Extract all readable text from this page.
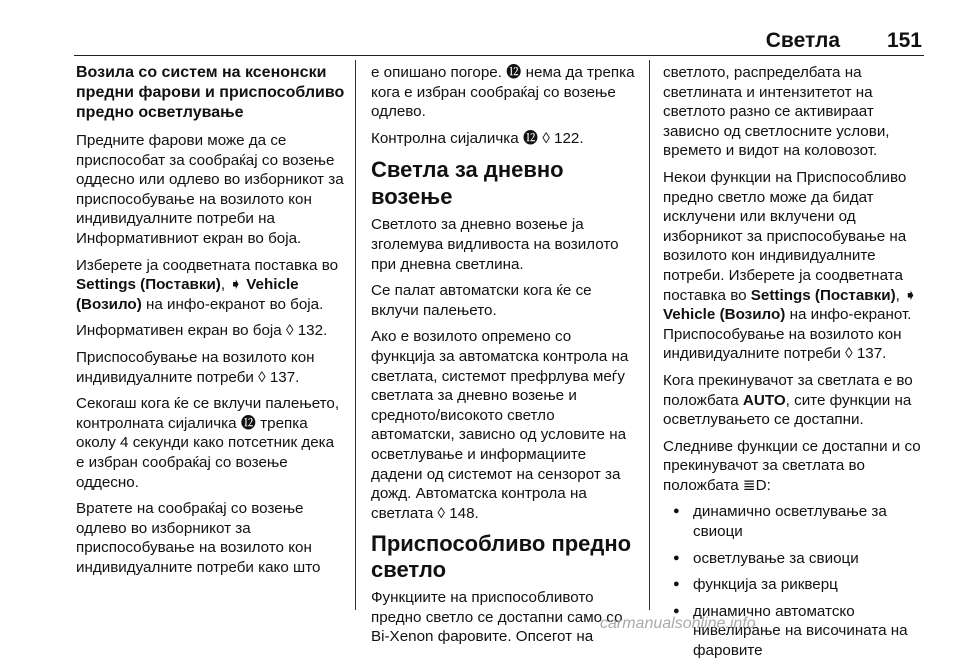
Светла 151
Возила со систем на ксенонски предни фарови и приспособливо предно осветлување

Предните фарови може да се приспособат за сообраќај со возење оддесно или одлево во изборникот за приспособување на возилото кон индивидуалните потреби на Информативниот екран во боја.

Изберете ја соодветната поставка во Settings (Поставки), ➧ Vehicle (Возило) на инфо-екранот во боја.

Информативен екран во боја ◊ 132.

Приспособување на возилото кон индивидуалните потреби ◊ 137.

Секогаш кога ќе се вклучи палењето, контролната сијаличка ⓬ трепка околу 4 секунди како потсетник дека е избран сообраќај со возење оддесно.

Вратете на сообраќај со возење одлево во изборникот за приспособување на возилото кон индивидуалните потреби како што

е опишано погоре. ⓬ нема да трепка кога е избран сообраќај со возење одлево.

Контролна сијаличка ⓬ ◊ 122.

Светла за дневно возење

Светлото за дневно возење ја зголемува видливоста на возилото при дневна светлина.

Се палат автоматски кога ќе се вклучи палењето.

Ако е возилото опремено со функција за автоматска контрола на светлата, системот префрлува меѓу светлата за дневно возење и средното/високото светло автоматски, зависно од условите на осветлување и информациите дадени од системот на сензорот за дожд. Автоматска контрола на светлата ◊ 148.

Приспособливо предно светло

Функциите на приспособливото предно светло се достапни само со Bi-Xenon фаровите. Опсегот на

светлото, распределбата на светлината и интензитетот на светлото разно се активираат зависно од светлосните услови, времето и видот на коловозот.

Некои функции на Приспособливо предно светло може да бидат исклучени или вклучени од изборникот за приспособување на возилото кон индивидуалните потреби. Изберете ја соодветната поставка во Settings (Поставки), ➧ Vehicle (Возило) на инфо-екранот. Приспособување на возилото кон индивидуалните потреби ◊ 137.

Кога прекинувачот за светлата е во положбата AUTO, сите функции на осветлувањето се достапни.

Следниве функции се достапни и со прекинувачот за светлата во положбата ≣D:

● динамично осветлување за свиоци
● осветлување за свиоци
● функција за рикверц
● динамично автоматско нивелирање на височината на фаровите
carmanualsonline.info
